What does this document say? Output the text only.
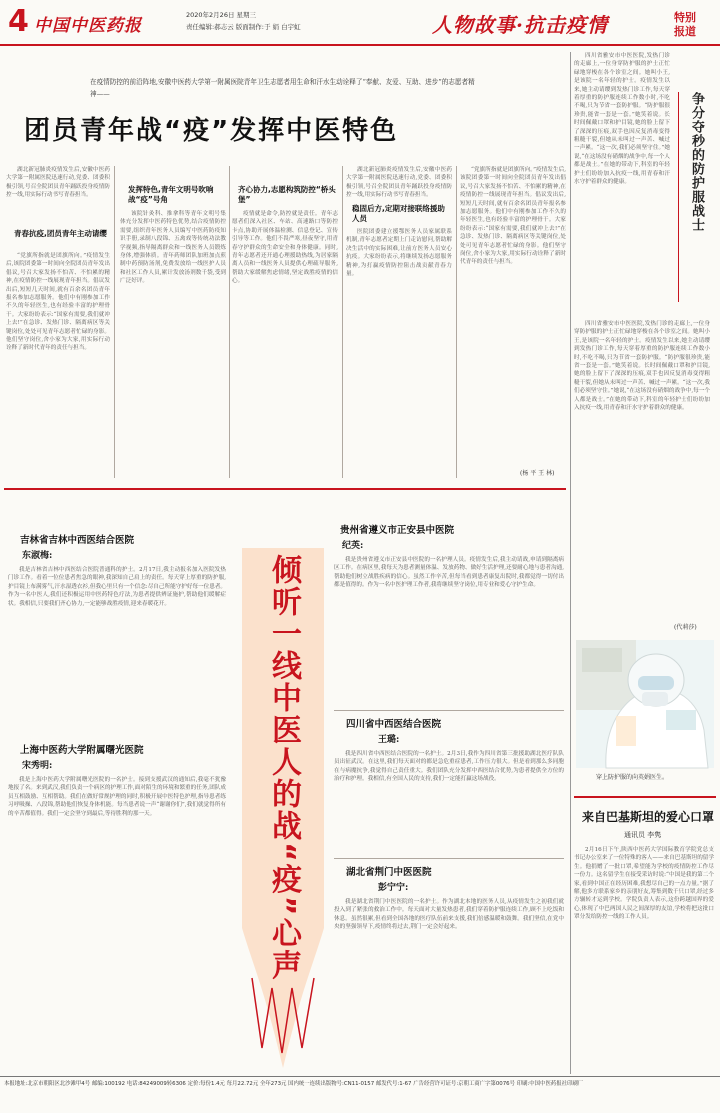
4 中国中医药报
2020年2月26日 星期三
责任编辑:郝志云 版面制作:于 娟 白宇虹	人物故事·抗击疫情	特别
报道
在疫情防控的前沿阵地,安徽中医药大学第一附属医院青年卫生志愿者用生命和汗水生动诠释了“奉献、友爱、互助、进步”的志愿者精神——
团员青年战“疫”发挥中医特色
湖北新冠肺炎疫情发生后,安徽中医药大学第一附属医院迅速行动,党委、团委积极引领,号召全院团员青年踊跃投身疫情防控一线,用实际行动书写青春担当。
青春抗疫,团员青年主动请缨
“党旗所指就是团旗所向。”疫情发生后,该院团委第一时间向全院团员青年发出倡议,号召大家发扬不怕苦、不怕累的精神,在疫情防控一线展现青年担当。倡议发出后,短短几天时间,就有百余名团员青年报名参加志愿服务。他们中有刚参加工作不久的年轻医生,也有经验丰富的护理骨干。大家纷纷表示:“国家有需要,我们就冲上去!”在急诊、发热门诊、隔离病区等关键岗位,处处可见青年志愿者忙碌的身影。他们坚守岗位,舍小家为大家,用实际行动诠释了新时代青年的责任与担当。
发挥特色,青年文明号吹响战“疫”号角
该院针灸科、推拿科等青年文明号集体充分发挥中医药特色优势,结合疫情防控需要,组织青年医务人员编写中医药防疫知识手册,录制八段锦、五禽戏等传统功法教学视频,指导隔离群众和一线医务人员锻炼身体,增强体质。青年药师团队加班加点煎制中药预防汤剂,免费发放给一线医护人员和社区工作人员,累计发放汤剂数千袋,受到广泛好评。
齐心协力,志愿构筑防控“桥头堡”
疫情就是命令,防控就是责任。青年志愿者们深入社区、车站、高速路口等防控卡点,协助开展体温检测、信息登记、宣传引导等工作。他们不畏严寒,昼夜坚守,用青春守护群众的生命安全和身体健康。同时,青年志愿者还开通心理援助热线,为居家隔离人员和一线医务人员提供心理疏导服务,帮助大家缓解焦虑情绪,坚定战胜疫情的信心。
湖北新冠肺炎疫情发生后,安徽中医药大学第一附属医院迅速行动,党委、团委积极引领,号召全院团员青年踊跃投身疫情防控一线,用实际行动书写青春担当。
稳固后方,定期对接联络援助人员
医院团委建立援鄂医务人员家属联系机制,青年志愿者定期上门走访慰问,帮助解决生活中的实际困难,让前方医务人员安心抗疫。大家纷纷表示,将继续发扬志愿服务精神,为打赢疫情防控阻击战贡献青春力量。
“党旗所指就是团旗所向。”疫情发生后,该院团委第一时间向全院团员青年发出倡议,号召大家发扬不怕苦、不怕累的精神,在疫情防控一线展现青年担当。倡议发出后,短短几天时间,就有百余名团员青年报名参加志愿服务。他们中有刚参加工作不久的年轻医生,也有经验丰富的护理骨干。大家纷纷表示:“国家有需要,我们就冲上去!”在急诊、发热门诊、隔离病区等关键岗位,处处可见青年志愿者忙碌的身影。他们坚守岗位,舍小家为大家,用实际行动诠释了新时代青年的责任与担当。
(杨 平 王 林)
四川省雅安市中医医院,发热门诊的走廊上,一位身穿防护服的护士正忙碌地穿梭在各个诊室之间。她叫小王,是该院一名年轻的护士。疫情发生以来,她主动请缨到发热门诊工作,每天穿着厚重的防护服连续工作数小时,不吃不喝,只为节省一套防护服。“防护服很珍贵,能省一套是一套。”她笑着说。长时间佩戴口罩和护目镜,她的脸上留下了深深的压痕,双手也因反复消毒变得粗糙干裂,但她从未叫过一声苦、喊过一声累。“这一次,我们必须坚守住。”她说,“在这场没有硝烟的战争中,每一个人都是战士。”在她的带动下,科室的年轻护士们纷纷加入抗疫一线,用青春和汗水守护着群众的健康。	争分夺秒的防护服战士
四川省雅安市中医医院,发热门诊的走廊上,一位身穿防护服的护士正忙碌地穿梭在各个诊室之间。她叫小王,是该院一名年轻的护士。疫情发生以来,她主动请缨到发热门诊工作,每天穿着厚重的防护服连续工作数小时,不吃不喝,只为节省一套防护服。“防护服很珍贵,能省一套是一套。”她笑着说。长时间佩戴口罩和护目镜,她的脸上留下了深深的压痕,双手也因反复消毒变得粗糙干裂,但她从未叫过一声苦、喊过一声累。“这一次,我们必须坚守住。”她说,“在这场没有硝烟的战争中,每一个人都是战士。”在她的带动下,科室的年轻护士们纷纷加入抗疫一线,用青春和汗水守护着群众的健康。
(代莉莎)
穿上防护服的向英娟医生。
倾听一线中医人的战“疫”心声
吉林省吉林中西医结合医院
东淑梅:
我是吉林省吉林中西医结合医院普通科的护士。2月17日,我主动报名加入医院发热门诊工作。看着一位位患者焦急的眼神,我深知自己肩上的责任。每天穿上厚重的防护服,护目镜上布满雾气,汗水湿透衣衫,但我心里只有一个信念:尽自己所能守护好每一位患者。作为一名中医人,我们还积极运用中医药特色疗法,为患者提供辨证施护,帮助他们缓解症状。我相信,只要我们齐心协力,一定能够战胜疫情,迎来春暖花开。
上海中医药大学附属曙光医院
宋秀明:
我是上海中医药大学附属曙光医院的一名护士。接到支援武汉的通知后,我毫不犹豫地报了名。来到武汉,我们负责一个病区的护理工作,面对陌生的环境和繁重的任务,团队成员互相鼓励、互相帮助。我们在做好常规护理的同时,积极开展中医特色护理,指导患者练习呼吸操、八段锦,帮助他们恢复身体机能。每当患者说一声“谢谢你们”,我们就觉得所有的辛苦都值得。我们一定会坚守到最后,等待胜利的那一天。
贵州省遵义市正安县中医院
纪英:
我是贵州省遵义市正安县中医院的一名护理人员。疫情发生后,我主动请战,申请到隔离病区工作。在病区里,我每天为患者测量体温、发放药物、做好生活护理,还要耐心地与患者沟通,帮助他们树立战胜疾病的信心。虽然工作辛苦,但每当看到患者康复出院时,我都觉得一切付出都是值得的。作为一名中医护理工作者,我将继续坚守岗位,用专业和爱心守护生命。
四川省中西医结合医院
王璐:
我是四川省中西医结合医院的一名护士。2月3日,我作为四川省第三批援助湖北医疗队队员出征武汉。在这里,我们每天面对的都是急危重症患者,工作压力很大。但是看到那么多同胞在与病魔抗争,我觉得自己责任重大。我们团队充分发挥中西医结合优势,为患者提供全方位的治疗和护理。我相信,有全国人民的支持,我们一定能打赢这场战役。
湖北省荆门中医医院
彭宁宁:
我是湖北省荆门中医医院的一名护士。作为湖北本地的医务人员,从疫情发生之初我们就投入到了紧张的救治工作中。每天面对大量发热患者,我们穿着防护服连续工作,顾不上吃饭和休息。虽然很累,但看到全国各地的医疗队伍前来支援,我们倍感温暖和鼓舞。我们坚信,在党中央的坚强领导下,疫情终将过去,荆门一定会好起来。
来自巴基斯坦的爱心口罩
通讯员 李隽
2月16日下午,陕西中医药大学国际教育学院党总支书记办公室来了一位特殊的客人——来自巴基斯坦的留学生。他捐赠了一批口罩,希望能为学校的疫情防控工作尽一份力。这名留学生在接受采访时说:“中国是我的第二个家,看到中国正在经历困难,我想尽自己的一点力量。”据了解,他多方联系家乡的亲朋好友,筹集到数千只口罩,经过多方辗转才运到学校。学院负责人表示,这份跨越国界的爱心,体现了中巴两国人民之间深厚的友谊,学校将把这批口罩分发给防控一线的工作人员。
本报地址:北京市朝阳区北沙滩甲4号 邮编:100192 电话:84249009转6306 定价:每份1.4元 每月22.72元 全年273元 国内统一连续出版物号:CN11-0157 邮发代号:1-67 广告经营许可证号:京朝工商广字第0076号 印刷:中国中医药报社印刷厂
